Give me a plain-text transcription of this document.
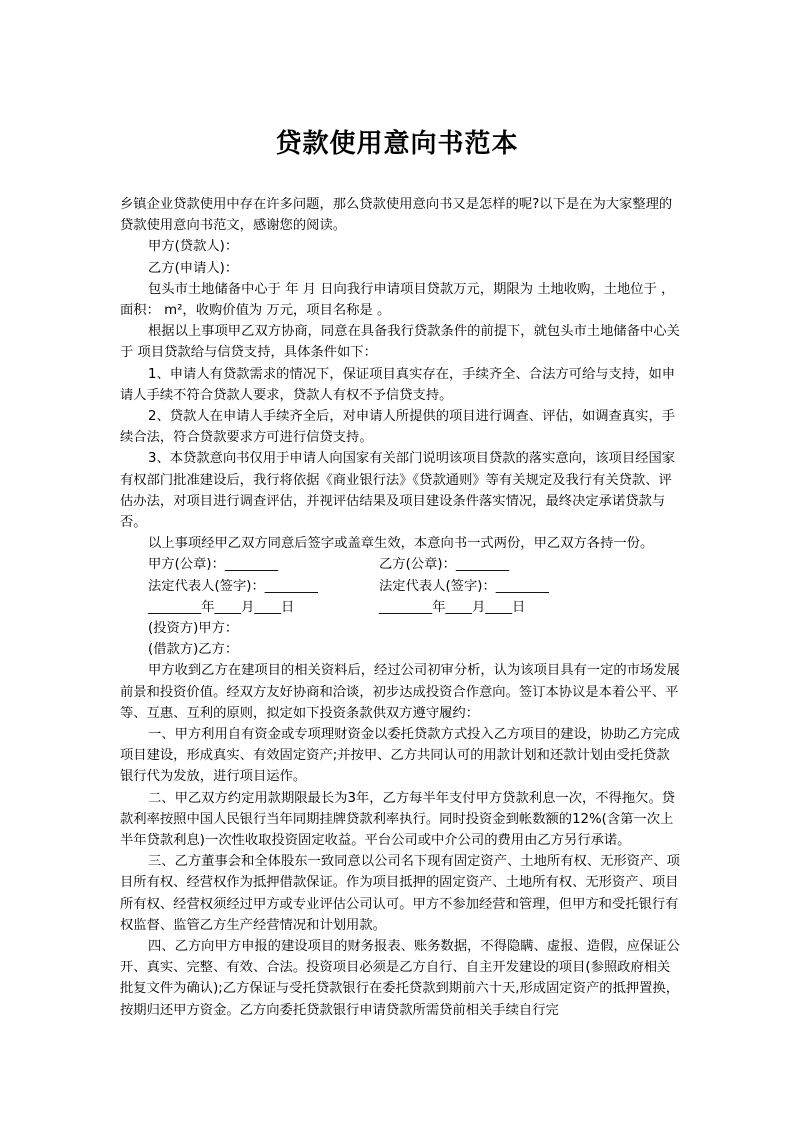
贷款使用意向书范本

乡镇企业贷款使用中存在许多问题，那么贷款使用意向书又是怎样的呢?以下是在为大家整理的贷款使用意向书范文，感谢您的阅读。

甲方(贷款人)：

乙方(申请人)：

包头市土地储备中心于 年 月 日向我行申请项目贷款万元，期限为 土地收购，土地位于 ，面积： m²，收购价值为 万元，项目名称是 。

根据以上事项甲乙双方协商，同意在具备我行贷款条件的前提下，就包头市土地储备中心关于 项目贷款给与信贷支持，具体条件如下：

1、申请人有贷款需求的情况下，保证项目真实存在，手续齐全、合法方可给与支持，如申请人手续不符合贷款人要求，贷款人有权不予信贷支持。

2、贷款人在申请人手续齐全后，对申请人所提供的项目进行调查、评估，如调查真实，手续合法，符合贷款要求方可进行信贷支持。

3、本贷款意向书仅用于申请人向国家有关部门说明该项目贷款的落实意向，该项目经国家有权部门批准建设后，我行将依据《商业银行法》《贷款通则》等有关规定及我行有关贷款、评估办法，对项目进行调查评估，并视评估结果及项目建设条件落实情况，最终决定承诺贷款与否。

以上事项经甲乙双方同意后签字或盖章生效，本意向书一式两份，甲乙双方各持一份。

甲方(公章)：________	乙方(公章)：________
法定代表人(签字)：________	法定代表人(签字)：________
________年____月____日	________年____月____日

(投资方)甲方：

(借款方)乙方：

甲方收到乙方在建项目的相关资料后，经过公司初审分析，认为该项目具有一定的市场发展前景和投资价值。经双方友好协商和洽谈，初步达成投资合作意向。签订本协议是本着公平、平等、互惠、互利的原则，拟定如下投资条款供双方遵守履约：

一、甲方利用自有资金或专项理财资金以委托贷款方式投入乙方项目的建设，协助乙方完成项目建设，形成真实、有效固定资产;并按甲、乙方共同认可的用款计划和还款计划由受托贷款银行代为发放，进行项目运作。

二、甲乙双方约定用款期限最长为3年，乙方每半年支付甲方贷款利息一次，不得拖欠。贷款利率按照中国人民银行当年同期挂牌贷款利率执行。同时投资金到帐数额的12%(含第一次上半年贷款利息)一次性收取投资固定收益。平台公司或中介公司的费用由乙方另行承诺。

三、乙方董事会和全体股东一致同意以公司名下现有固定资产、土地所有权、无形资产、项目所有权、经营权作为抵押借款保证。作为项目抵押的固定资产、土地所有权、无形资产、项目所有权、经营权须经过甲方或专业评估公司认可。甲方不参加经营和管理，但甲方和受托银行有权监督、监管乙方生产经营情况和计划用款。

四、乙方向甲方申报的建设项目的财务报表、账务数据，不得隐瞒、虚报、造假，应保证公开、真实、完整、有效、合法。投资项目必须是乙方自行、自主开发建设的项目(参照政府相关批复文件为确认);乙方保证与受托贷款银行在委托贷款到期前六十天,形成固定资产的抵押置换，按期归还甲方资金。乙方向委托贷款银行申请贷款所需贷前相关手续自行完
